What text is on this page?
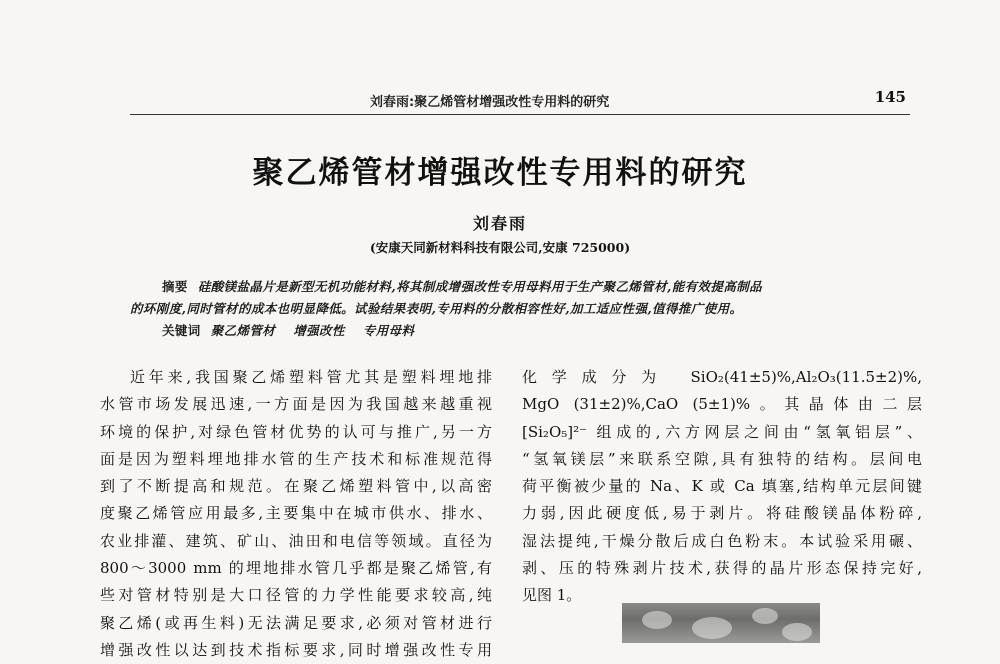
刘春雨:聚乙烯管材增强改性专用料的研究	145
聚乙烯管材增强改性专用料的研究
刘春雨
(安康天同新材料科技有限公司,安康 725000)
摘要 硅酸镁盐晶片是新型无机功能材料,将其制成增强改性专用母料用于生产聚乙烯管材,能有效提高制品
的环刚度,同时管材的成本也明显降低。试验结果表明,专用料的分散相容性好,加工适应性强,值得推广使用。
关键词 聚乙烯管材 增强改性 专用母料
近年来,我国聚乙烯塑料管尤其是塑料埋地排
水管市场发展迅速,一方面是因为我国越来越重视
环境的保护,对绿色管材优势的认可与推广,另一方
面是因为塑料埋地排水管的生产技术和标准规范得
到了不断提高和规范。在聚乙烯塑料管中,以高密
度聚乙烯管应用最多,主要集中在城市供水、排水、
农业排灌、建筑、矿山、油田和电信等领域。直径为
800～3000 mm 的埋地排水管几乎都是聚乙烯管,有
些对管材特别是大口径管的力学性能要求较高,纯
聚乙烯(或再生料)无法满足要求,必须对管材进行
增强改性以达到技术指标要求,同时增强改性专用
化学成分为 SiO₂(41±5)%,Al₂O₃(11.5±2)%,
MgO (31±2)%,CaO (5±1)%。其晶体由二层
[Si₂O₅]²⁻ 组成的,六方网层之间由“氢氧铝层”、
“氢氧镁层”来联系空隙,具有独特的结构。层间电
荷平衡被少量的 Na、K 或 Ca 填塞,结构单元层间键
力弱,因此硬度低,易于剥片。将硅酸镁晶体粉碎,
湿法提纯,干燥分散后成白色粉末。本试验采用碾、
剥、压的特殊剥片技术,获得的晶片形态保持完好,
见图 1。
